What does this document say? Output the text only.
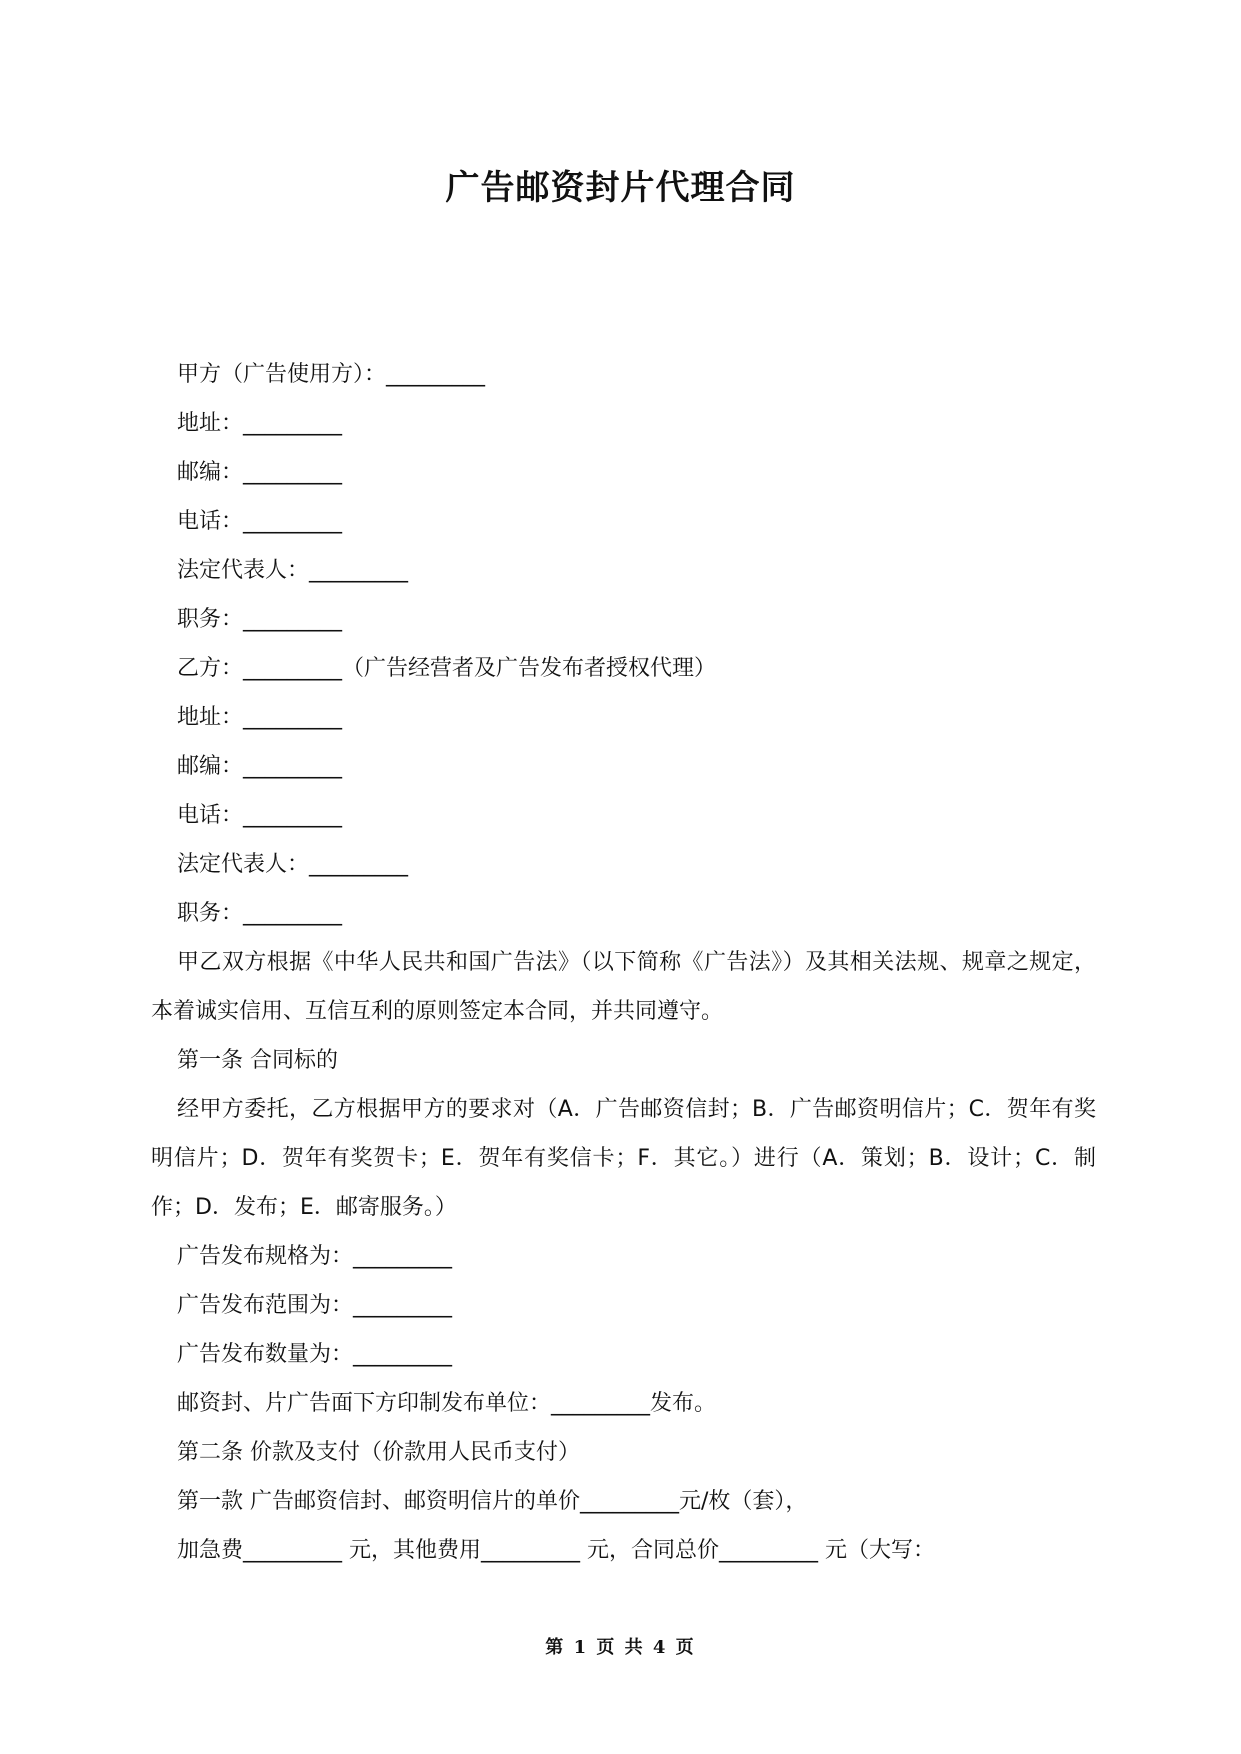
广告邮资封片代理合同
甲方（广告使用方）：_________
地址：_________
邮编：_________
电话：_________
法定代表人：_________
职务：_________
乙方：_________（广告经营者及广告发布者授权代理）
地址：_________
邮编：_________
电话：_________
法定代表人：_________
职务：_________
甲乙双方根据《中华人民共和国广告法》（以下简称《广告法》）及其相关法规、规章之规定，本着诚实信用、互信互利的原则签定本合同，并共同遵守。
第一条 合同标的
经甲方委托，乙方根据甲方的要求对（A．广告邮资信封；B．广告邮资明信片；C．贺年有奖明信片；D．贺年有奖贺卡；E．贺年有奖信卡；F．其它。）进行（A．策划；B．设计；C．制作；D．发布；E．邮寄服务。）
广告发布规格为：_________
广告发布范围为：_________
广告发布数量为：_________
邮资封、片广告面下方印制发布单位：_________发布。
第二条 价款及支付（价款用人民币支付）
第一款 广告邮资信封、邮资明信片的单价_________元/枚（套），
加急费_________ 元，其他费用_________ 元，合同总价_________ 元（大写：
第 1 页 共 4 页
